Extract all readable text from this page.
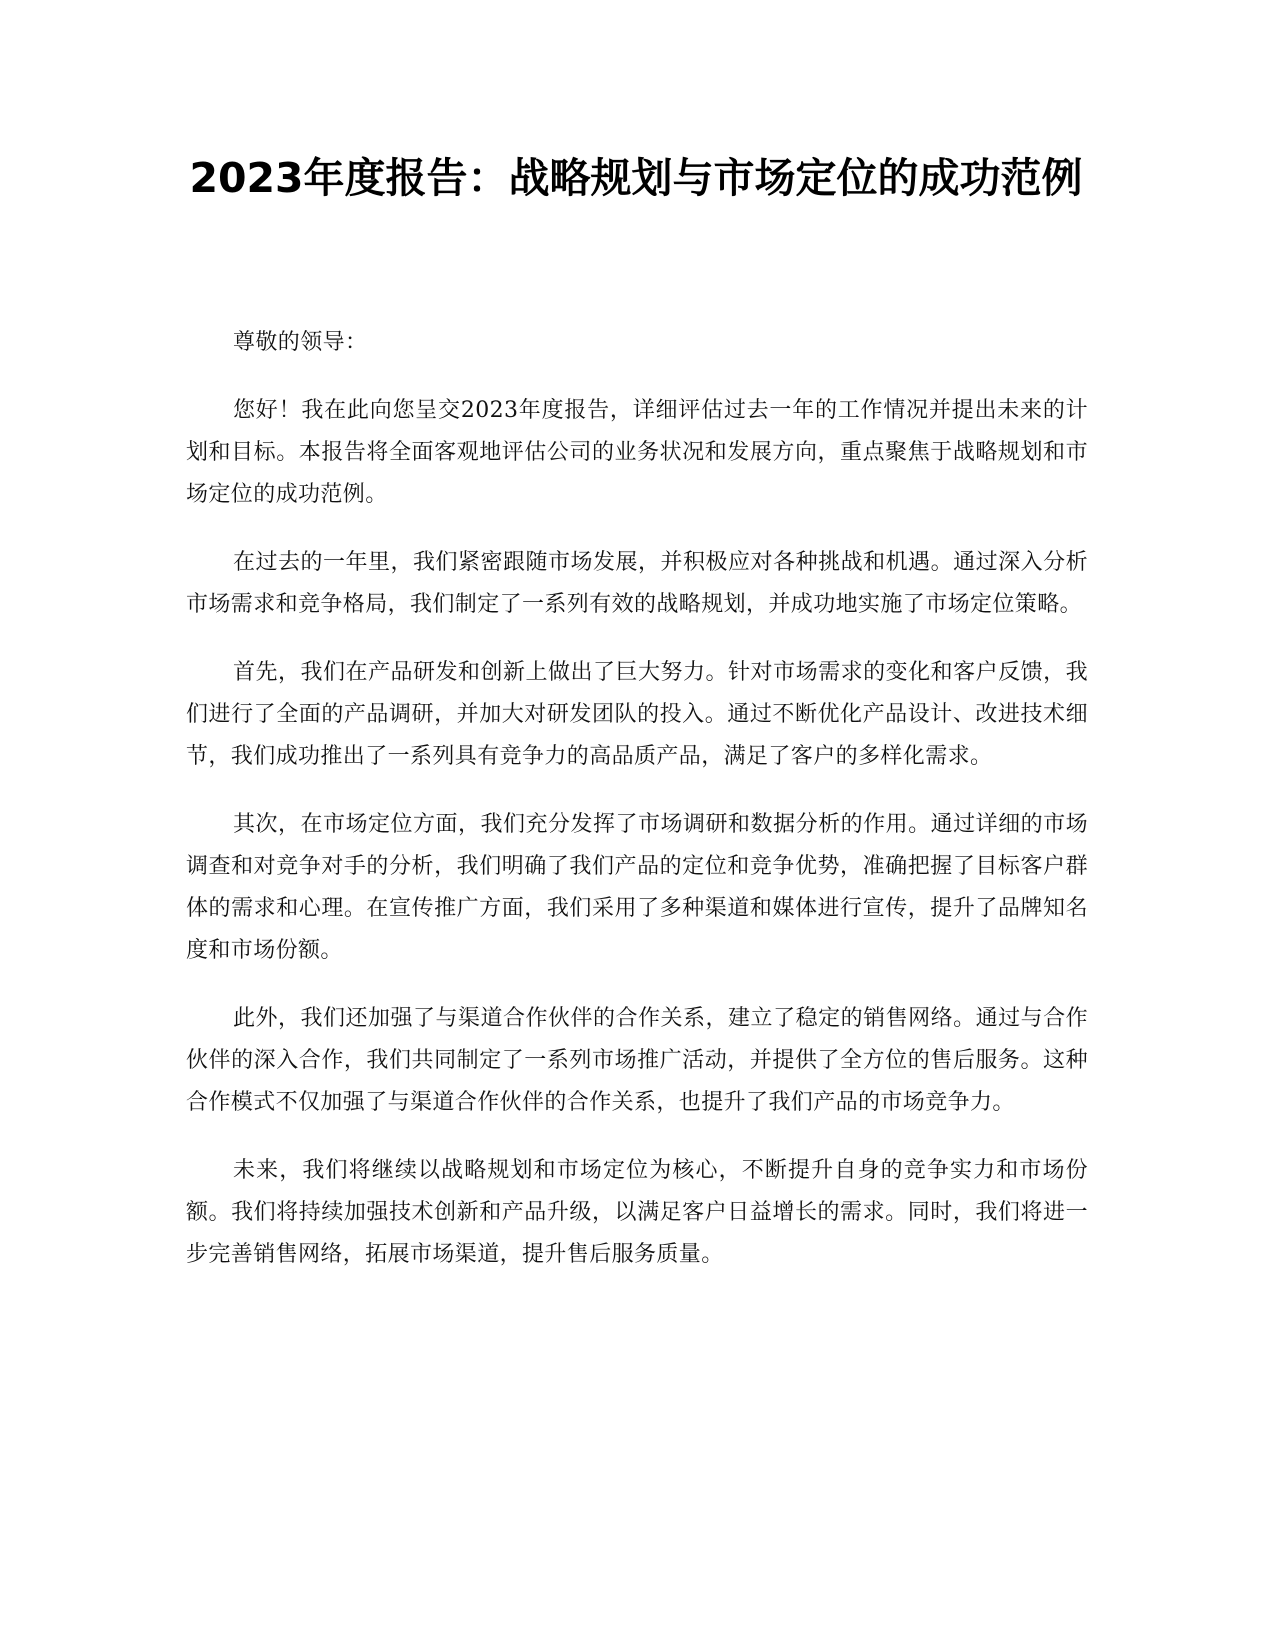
2023年度报告：战略规划与市场定位的成功范例

尊敬的领导：

您好！我在此向您呈交2023年度报告，详细评估过去一年的工作情况并提出未来的计划和目标。本报告将全面客观地评估公司的业务状况和发展方向，重点聚焦于战略规划和市场定位的成功范例。

在过去的一年里，我们紧密跟随市场发展，并积极应对各种挑战和机遇。通过深入分析市场需求和竞争格局，我们制定了一系列有效的战略规划，并成功地实施了市场定位策略。

首先，我们在产品研发和创新上做出了巨大努力。针对市场需求的变化和客户反馈，我们进行了全面的产品调研，并加大对研发团队的投入。通过不断优化产品设计、改进技术细节，我们成功推出了一系列具有竞争力的高品质产品，满足了客户的多样化需求。

其次，在市场定位方面，我们充分发挥了市场调研和数据分析的作用。通过详细的市场调查和对竞争对手的分析，我们明确了我们产品的定位和竞争优势，准确把握了目标客户群体的需求和心理。在宣传推广方面，我们采用了多种渠道和媒体进行宣传，提升了品牌知名度和市场份额。

此外，我们还加强了与渠道合作伙伴的合作关系，建立了稳定的销售网络。通过与合作伙伴的深入合作，我们共同制定了一系列市场推广活动，并提供了全方位的售后服务。这种合作模式不仅加强了与渠道合作伙伴的合作关系，也提升了我们产品的市场竞争力。

未来，我们将继续以战略规划和市场定位为核心，不断提升自身的竞争实力和市场份额。我们将持续加强技术创新和产品升级，以满足客户日益增长的需求。同时，我们将进一步完善销售网络，拓展市场渠道，提升售后服务质量。
